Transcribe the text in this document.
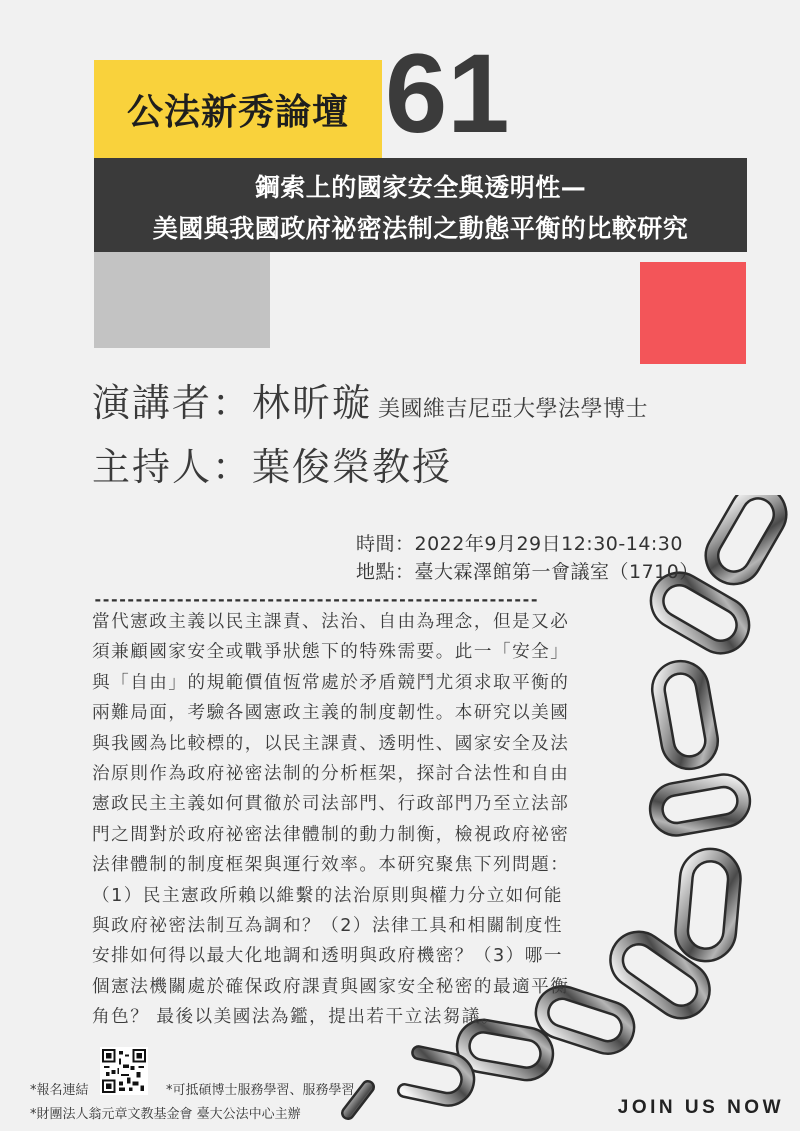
公法新秀論壇 61
鋼索上的國家安全與透明性—
美國與我國政府祕密法制之動態平衡的比較研究
演講者： 林昕璇 美國維吉尼亞大學法學博士
主持人：葉俊榮教授
時間：2022年9月29日12:30-14:30
地點：臺大霖澤館第一會議室（1710）
------------------------------------------------------
當代憲政主義以民主課責、法治、自由為理念，但是又必
須兼顧國家安全或戰爭狀態下的特殊需要。此一「安全」
與「自由」的規範價值恆常處於矛盾競鬥尤須求取平衡的
兩難局面，考驗各國憲政主義的制度韌性。本研究以美國
與我國為比較標的，以民主課責、透明性、國家安全及法
治原則作為政府祕密法制的分析框架，探討合法性和自由
憲政民主主義如何貫徹於司法部門、行政部門乃至立法部
門之間對於政府祕密法律體制的動力制衡，檢視政府祕密
法律體制的制度框架與運行效率。本研究聚焦下列問題：
（1）民主憲政所賴以維繫的法治原則與權力分立如何能
與政府祕密法制互為調和？（2）法律工具和相關制度性
安排如何得以最大化地調和透明與政府機密？（3）哪一
個憲法機關處於確保政府課責與國家安全秘密的最適平衡
角色？ 最後以美國法為鑑，提出若干立法芻議。
*報名連結	*可抵碩博士服務學習、服務學習
*財團法人翁元章文教基金會 臺大公法中心主辦	JOIN US NOW
